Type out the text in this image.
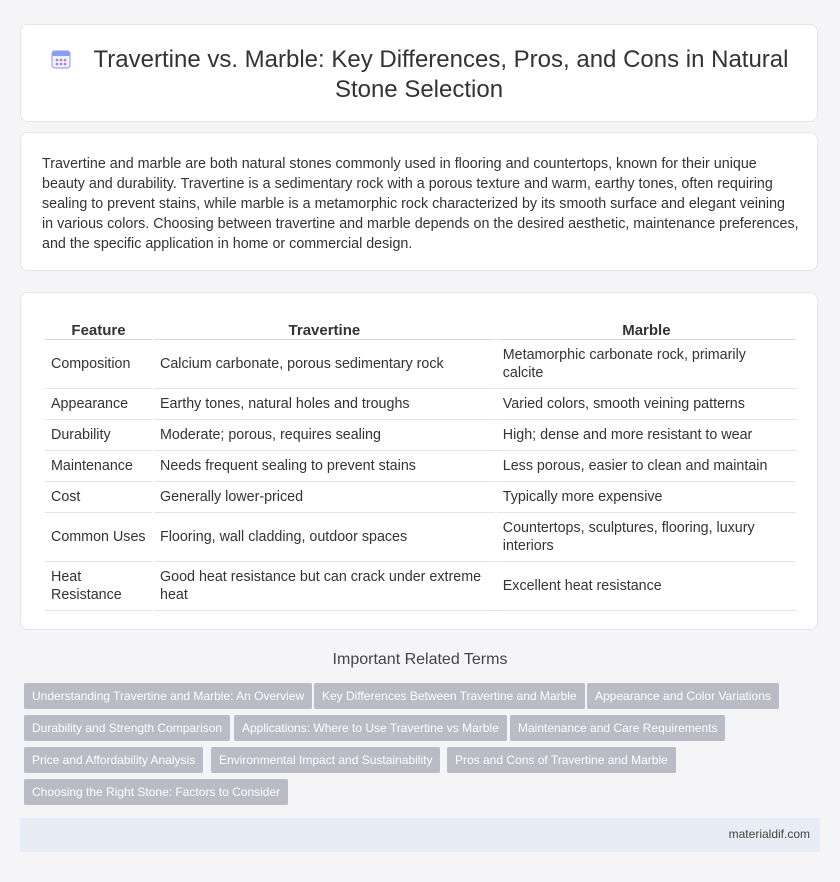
Travertine vs. Marble: Key Differences, Pros, and Cons in Natural Stone Selection

Travertine and marble are both natural stones commonly used in flooring and countertops, known for their unique beauty and durability. Travertine is a sedimentary rock with a porous texture and warm, earthy tones, often requiring sealing to prevent stains, while marble is a metamorphic rock characterized by its smooth surface and elegant veining in various colors. Choosing between travertine and marble depends on the desired aesthetic, maintenance preferences, and the specific application in home or commercial design.

Feature	Travertine	Marble
Composition	Calcium carbonate, porous sedimentary rock	Metamorphic carbonate rock, primarily calcite
Appearance	Earthy tones, natural holes and troughs	Varied colors, smooth veining patterns
Durability	Moderate; porous, requires sealing	High; dense and more resistant to wear
Maintenance	Needs frequent sealing to prevent stains	Less porous, easier to clean and maintain
Cost	Generally lower-priced	Typically more expensive
Common Uses	Flooring, wall cladding, outdoor spaces	Countertops, sculptures, flooring, luxury interiors
Heat Resistance	Good heat resistance but can crack under extreme heat	Excellent heat resistance
Important Related Terms
Understanding Travertine and Marble: An Overview	Key Differences Between Travertine and Marble	Appearance and Color Variations
Durability and Strength Comparison	Applications: Where to Use Travertine vs Marble	Maintenance and Care Requirements
Price and Affordability Analysis	Environmental Impact and Sustainability	Pros and Cons of Travertine and Marble
Choosing the Right Stone: Factors to Consider
materialdif.com
